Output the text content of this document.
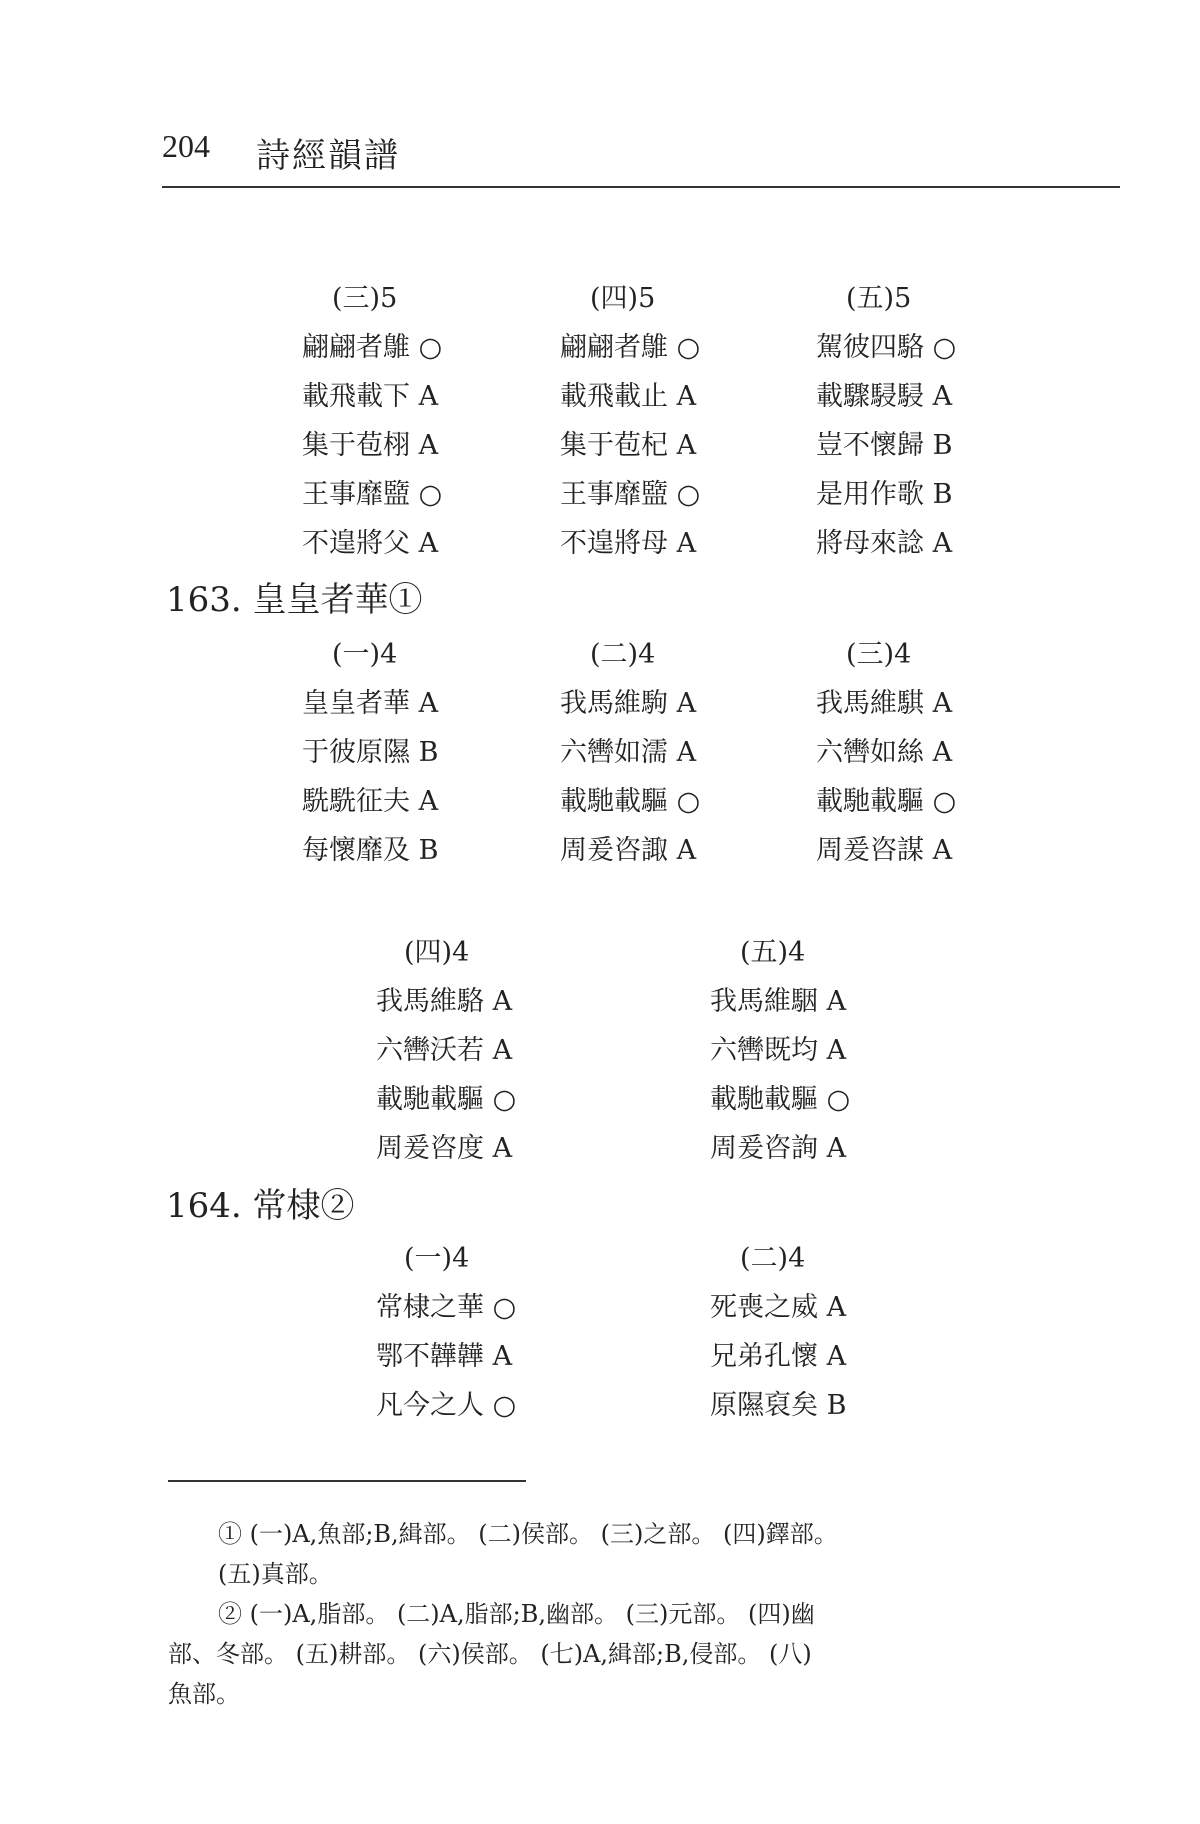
204 詩經韻譜
(三)5
翩翩者鵻 ○
載飛載下 A
集于苞栩 A
王事靡盬 ○
不遑將父 A
(四)5
翩翩者鵻 ○
載飛載止 A
集于苞杞 A
王事靡盬 ○
不遑將母 A
(五)5
駕彼四駱 ○
載驟駸駸 A
豈不懷歸 B
是用作歌 B
將母來諗 A
163. 皇皇者華①
(一)4
皇皇者華 A
于彼原隰 B
駪駪征夫 A
每懷靡及 B
(二)4
我馬維駒 A
六轡如濡 A
載馳載驅 ○
周爰咨諏 A
(三)4
我馬維騏 A
六轡如絲 A
載馳載驅 ○
周爰咨謀 A
(四)4
我馬維駱 A
六轡沃若 A
載馳載驅 ○
周爰咨度 A
(五)4
我馬維駰 A
六轡既均 A
載馳載驅 ○
周爰咨詢 A
164. 常棣②
(一)4
常棣之華 ○
鄂不韡韡 A
凡今之人 ○
(二)4
死喪之威 A
兄弟孔懷 A
原隰裒矣 B
① (一)A,魚部;B,緝部。 (二)侯部。 (三)之部。 (四)鐸部。
(五)真部。
② (一)A,脂部。 (二)A,脂部;B,幽部。 (三)元部。 (四)幽
部、冬部。 (五)耕部。 (六)侯部。 (七)A,緝部;B,侵部。 (八)
魚部。
